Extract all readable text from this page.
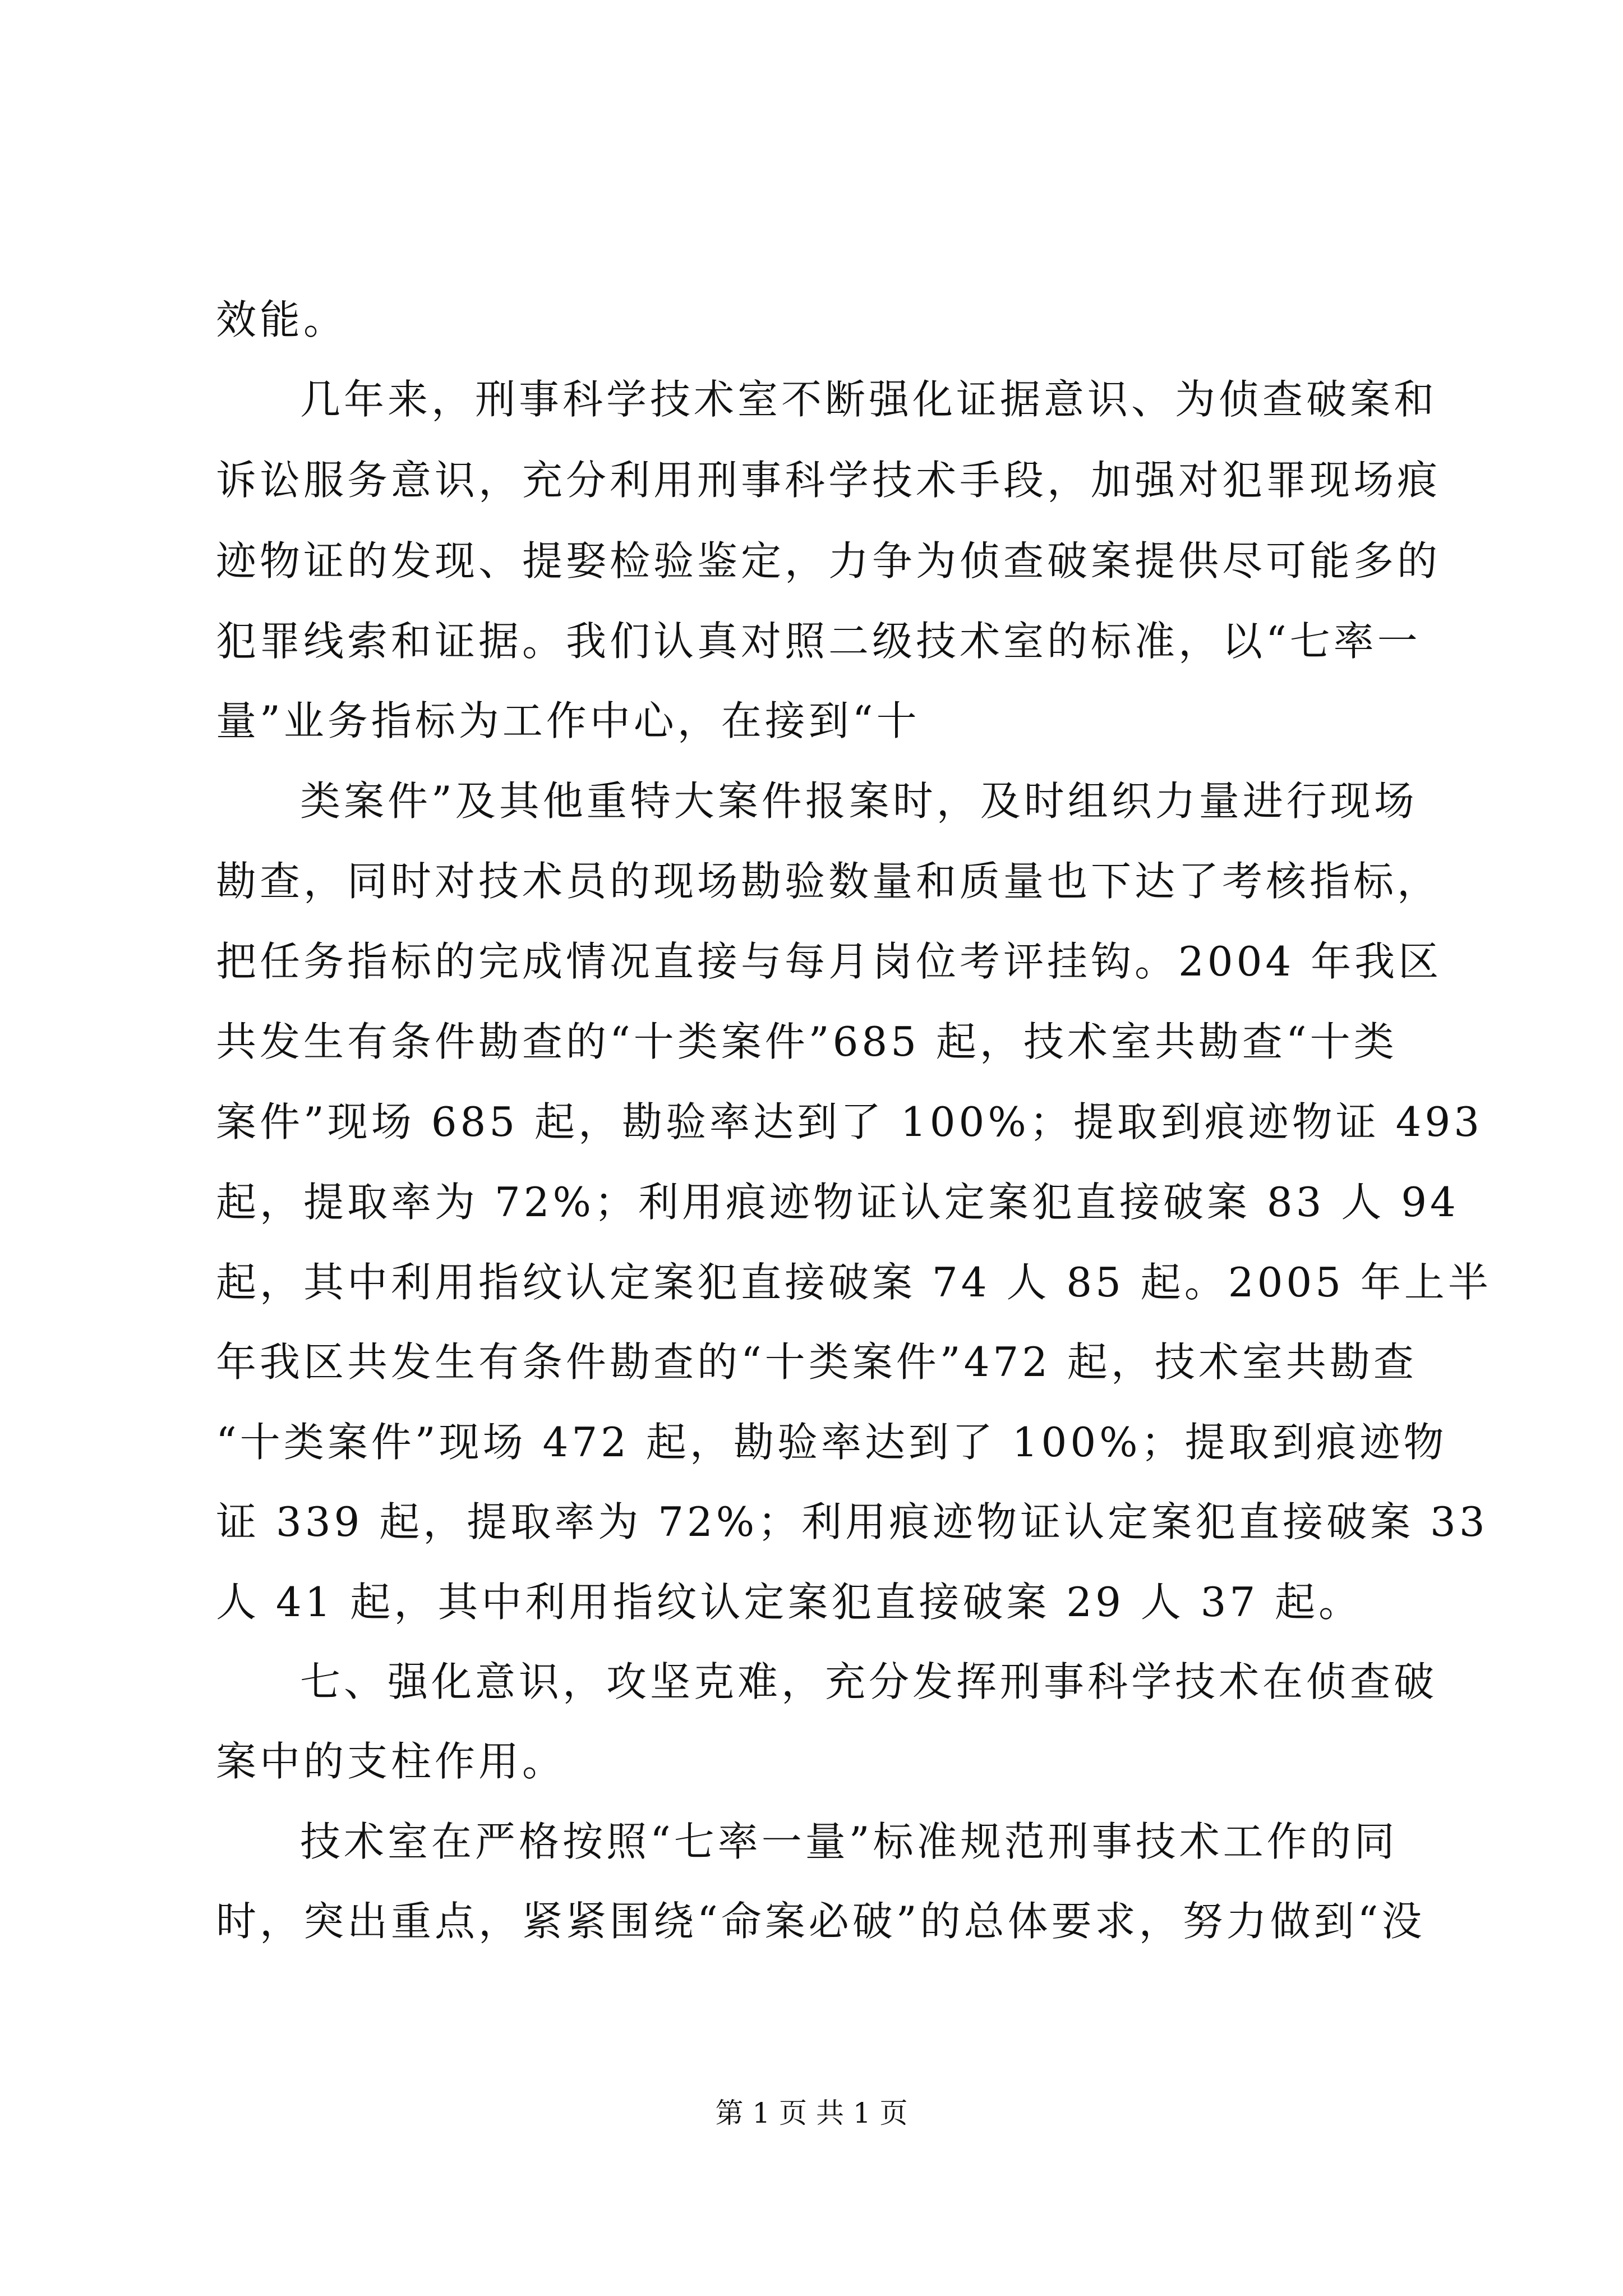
效能。
几年来，刑事科学技术室不断强化证据意识、为侦查破案和
诉讼服务意识，充分利用刑事科学技术手段，加强对犯罪现场痕
迹物证的发现、提娶检验鉴定，力争为侦查破案提供尽可能多的
犯罪线索和证据。我们认真对照二级技术室的标准，以“七率一
量”业务指标为工作中心，在接到“十
类案件”及其他重特大案件报案时，及时组织力量进行现场
勘查，同时对技术员的现场勘验数量和质量也下达了考核指标，
把任务指标的完成情况直接与每月岗位考评挂钩。2004 年我区
共发生有条件勘查的“十类案件”685 起，技术室共勘查“十类
案件”现场 685 起，勘验率达到了 100%；提取到痕迹物证 493
起，提取率为 72%；利用痕迹物证认定案犯直接破案 83 人 94
起，其中利用指纹认定案犯直接破案 74 人 85 起。2005 年上半
年我区共发生有条件勘查的“十类案件”472 起，技术室共勘查
“十类案件”现场 472 起，勘验率达到了 100%；提取到痕迹物
证 339 起，提取率为 72%；利用痕迹物证认定案犯直接破案 33
人 41 起，其中利用指纹认定案犯直接破案 29 人 37 起。
七、强化意识，攻坚克难，充分发挥刑事科学技术在侦查破
案中的支柱作用。
技术室在严格按照“七率一量”标准规范刑事技术工作的同
时，突出重点，紧紧围绕“命案必破”的总体要求，努力做到“没
第 1 页 共 1 页
